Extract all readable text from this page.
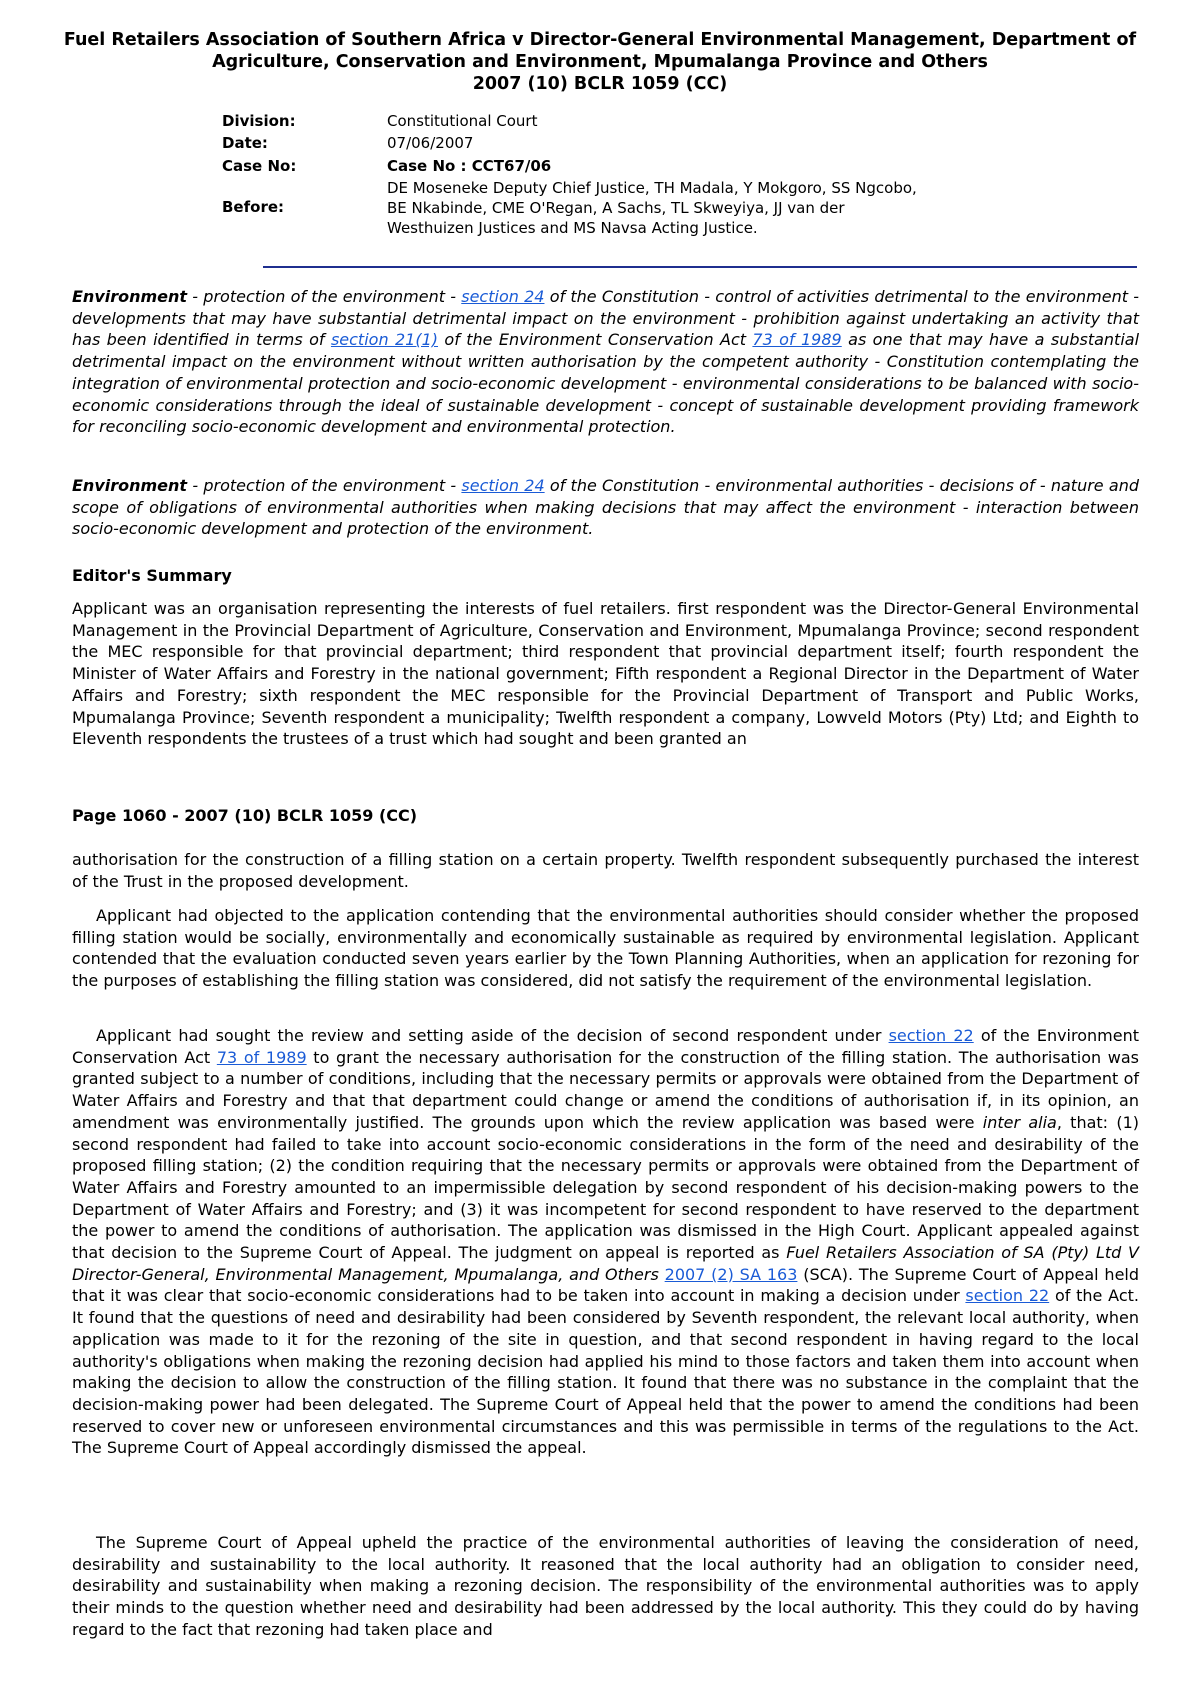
Fuel Retailers Association of Southern Africa v Director-General Environmental Management, Department of
Agriculture, Conservation and Environment, Mpumalanga Province and Others
2007 (10) BCLR 1059 (CC)
Division:	Constitutional Court
Date:	07/06/2007
Case No:	Case No : CCT67/06
Before:	DE Moseneke Deputy Chief Justice, TH Madala, Y Mokgoro, SS Ngcobo,
BE Nkabinde, CME O'Regan, A Sachs, TL Skweyiya, JJ van der
Westhuizen Justices and MS Navsa Acting Justice.

Environment - protection of the environment - section 24 of the Constitution - control of activities detrimental to the environment - developments that may have substantial detrimental impact on the environment - prohibition against undertaking an activity that has been identified in terms of section 21(1) of the Environment Conservation Act 73 of 1989 as one that may have a substantial detrimental impact on the environment without written authorisation by the competent authority - Constitution contemplating the integration of environmental protection and socio-economic development - environmental considerations to be balanced with socio-economic considerations through the ideal of sustainable development - concept of sustainable development providing framework for reconciling socio-economic development and environmental protection.

Environment - protection of the environment - section 24 of the Constitution - environmental authorities - decisions of - nature and scope of obligations of environmental authorities when making decisions that may affect the environment - interaction between socio-economic development and protection of the environment.

Editor's Summary

Applicant was an organisation representing the interests of fuel retailers. first respondent was the Director-General Environmental Management in the Provincial Department of Agriculture, Conservation and Environment, Mpumalanga Province; second respondent the MEC responsible for that provincial department; third respondent that provincial department itself; fourth respondent the Minister of Water Affairs and Forestry in the national government; Fifth respondent a Regional Director in the Department of Water Affairs and Forestry; sixth respondent the MEC responsible for the Provincial Department of Transport and Public Works, Mpumalanga Province; Seventh respondent a municipality; Twelfth respondent a company, Lowveld Motors (Pty) Ltd; and Eighth to Eleventh respondents the trustees of a trust which had sought and been granted an

Page 1060 - 2007 (10) BCLR 1059 (CC)

authorisation for the construction of a filling station on a certain property. Twelfth respondent subsequently purchased the interest of the Trust in the proposed development.

Applicant had objected to the application contending that the environmental authorities should consider whether the proposed filling station would be socially, environmentally and economically sustainable as required by environmental legislation. Applicant contended that the evaluation conducted seven years earlier by the Town Planning Authorities, when an application for rezoning for the purposes of establishing the filling station was considered, did not satisfy the requirement of the environmental legislation.

Applicant had sought the review and setting aside of the decision of second respondent under section 22 of the Environment Conservation Act 73 of 1989 to grant the necessary authorisation for the construction of the filling station. The authorisation was granted subject to a number of conditions, including that the necessary permits or approvals were obtained from the Department of Water Affairs and Forestry and that that department could change or amend the conditions of authorisation if, in its opinion, an amendment was environmentally justified. The grounds upon which the review application was based were inter alia, that: (1) second respondent had failed to take into account socio-economic considerations in the form of the need and desirability of the proposed filling station; (2) the condition requiring that the necessary permits or approvals were obtained from the Department of Water Affairs and Forestry amounted to an impermissible delegation by second respondent of his decision-making powers to the Department of Water Affairs and Forestry; and (3) it was incompetent for second respondent to have reserved to the department the power to amend the conditions of authorisation. The application was dismissed in the High Court. Applicant appealed against that decision to the Supreme Court of Appeal. The judgment on appeal is reported as Fuel Retailers Association of SA (Pty) Ltd V Director-General, Environmental Management, Mpumalanga, and Others 2007 (2) SA 163 (SCA). The Supreme Court of Appeal held that it was clear that socio-economic considerations had to be taken into account in making a decision under section 22 of the Act. It found that the questions of need and desirability had been considered by Seventh respondent, the relevant local authority, when application was made to it for the rezoning of the site in question, and that second respondent in having regard to the local authority's obligations when making the rezoning decision had applied his mind to those factors and taken them into account when making the decision to allow the construction of the filling station. It found that there was no substance in the complaint that the decision-making power had been delegated. The Supreme Court of Appeal held that the power to amend the conditions had been reserved to cover new or unforeseen environmental circumstances and this was permissible in terms of the regulations to the Act. The Supreme Court of Appeal accordingly dismissed the appeal.

The Supreme Court of Appeal upheld the practice of the environmental authorities of leaving the consideration of need, desirability and sustainability to the local authority. It reasoned that the local authority had an obligation to consider need, desirability and sustainability when making a rezoning decision. The responsibility of the environmental authorities was to apply their minds to the question whether need and desirability had been addressed by the local authority. This they could do by having regard to the fact that rezoning had taken place and
